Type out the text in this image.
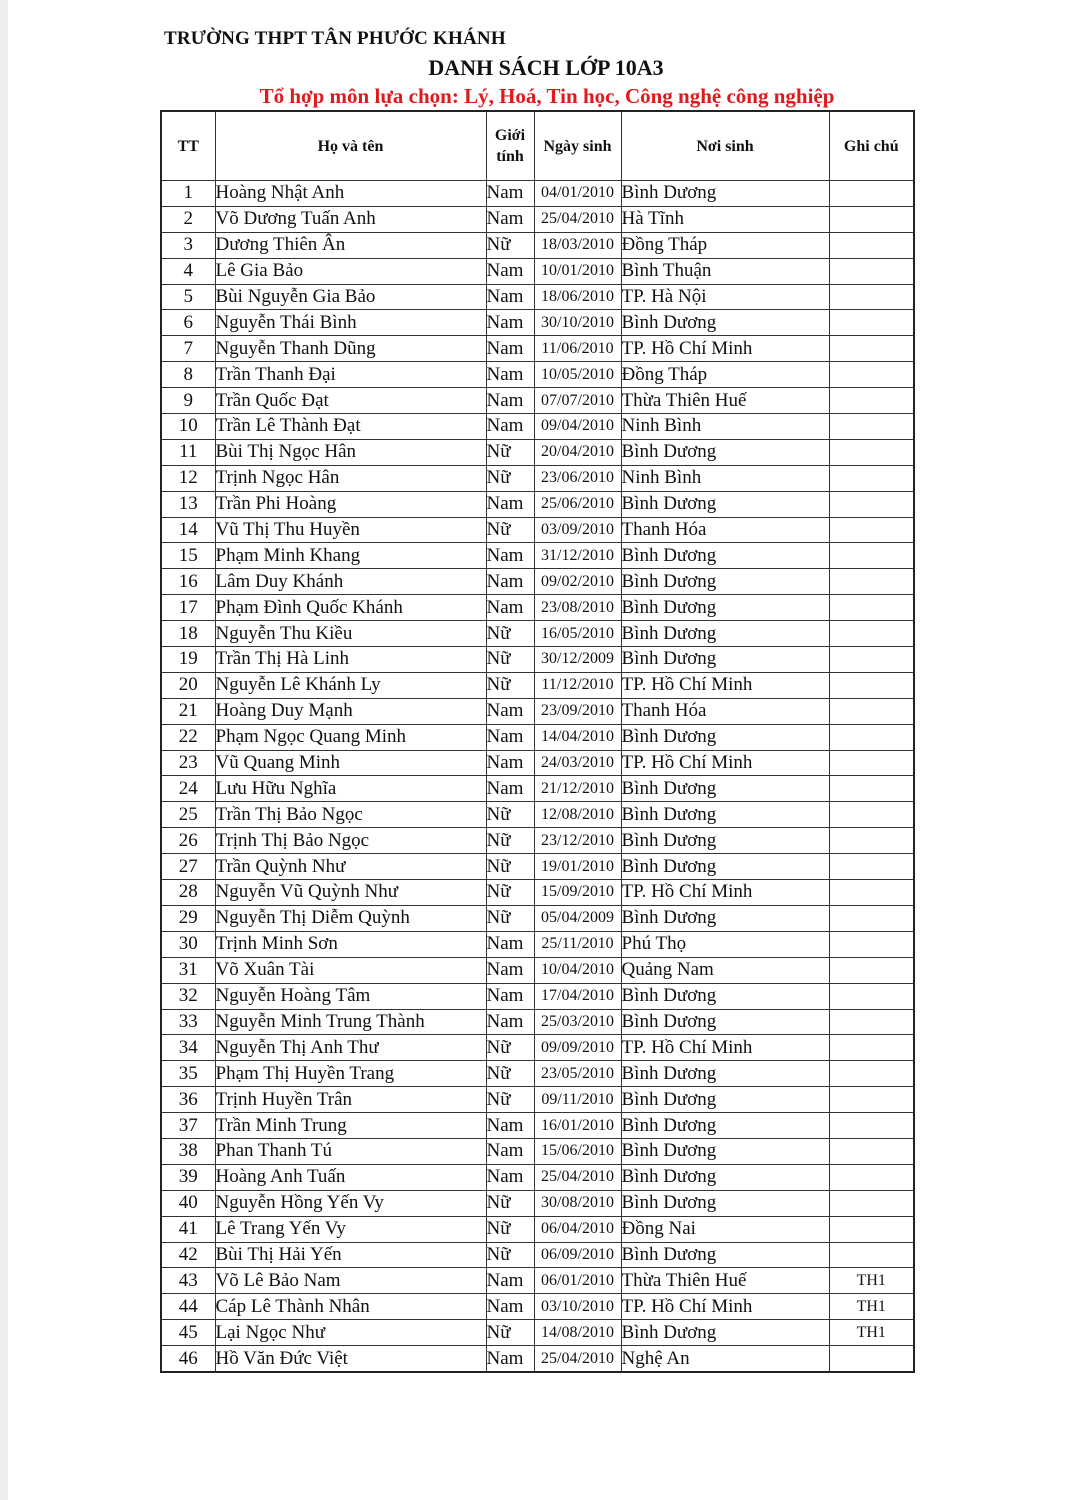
TRƯỜNG THPT TÂN PHƯỚC KHÁNH
DANH SÁCH LỚP 10A3
Tổ hợp môn lựa chọn: Lý, Hoá, Tin học, Công nghệ công nghiệp
TT	Họ và tên	Giới tính	Ngày sinh	Nơi sinh	Ghi chú
1	Hoàng Nhật Anh	Nam	04/01/2010	Bình Dương	
2	Võ Dương Tuấn Anh	Nam	25/04/2010	Hà Tĩnh	
3	Dương Thiên Ân	Nữ	18/03/2010	Đồng Tháp	
4	Lê Gia Bảo	Nam	10/01/2010	Bình Thuận	
5	Bùi Nguyễn Gia Bảo	Nam	18/06/2010	TP. Hà Nội	
6	Nguyễn Thái Bình	Nam	30/10/2010	Bình Dương	
7	Nguyễn Thanh Dũng	Nam	11/06/2010	TP. Hồ Chí Minh	
8	Trần Thanh Đại	Nam	10/05/2010	Đồng Tháp	
9	Trần Quốc Đạt	Nam	07/07/2010	Thừa Thiên Huế	
10	Trần Lê Thành Đạt	Nam	09/04/2010	Ninh Bình	
11	Bùi Thị Ngọc Hân	Nữ	20/04/2010	Bình Dương	
12	Trịnh Ngọc Hân	Nữ	23/06/2010	Ninh Bình	
13	Trần Phi Hoàng	Nam	25/06/2010	Bình Dương	
14	Vũ Thị Thu Huyền	Nữ	03/09/2010	Thanh Hóa	
15	Phạm Minh Khang	Nam	31/12/2010	Bình Dương	
16	Lâm Duy Khánh	Nam	09/02/2010	Bình Dương	
17	Phạm Đình Quốc Khánh	Nam	23/08/2010	Bình Dương	
18	Nguyễn Thu Kiều	Nữ	16/05/2010	Bình Dương	
19	Trần Thị Hà Linh	Nữ	30/12/2009	Bình Dương	
20	Nguyễn Lê Khánh Ly	Nữ	11/12/2010	TP. Hồ Chí Minh	
21	Hoàng Duy Mạnh	Nam	23/09/2010	Thanh Hóa	
22	Phạm Ngọc Quang Minh	Nam	14/04/2010	Bình Dương	
23	Vũ Quang Minh	Nam	24/03/2010	TP. Hồ Chí Minh	
24	Lưu Hữu Nghĩa	Nam	21/12/2010	Bình Dương	
25	Trần Thị Bảo Ngọc	Nữ	12/08/2010	Bình Dương	
26	Trịnh Thị Bảo Ngọc	Nữ	23/12/2010	Bình Dương	
27	Trần Quỳnh Như	Nữ	19/01/2010	Bình Dương	
28	Nguyễn Vũ Quỳnh Như	Nữ	15/09/2010	TP. Hồ Chí Minh	
29	Nguyễn Thị Diễm Quỳnh	Nữ	05/04/2009	Bình Dương	
30	Trịnh Minh Sơn	Nam	25/11/2010	Phú Thọ	
31	Võ Xuân Tài	Nam	10/04/2010	Quảng Nam	
32	Nguyễn Hoàng Tâm	Nam	17/04/2010	Bình Dương	
33	Nguyễn Minh Trung Thành	Nam	25/03/2010	Bình Dương	
34	Nguyễn Thị Anh Thư	Nữ	09/09/2010	TP. Hồ Chí Minh	
35	Phạm Thị Huyền Trang	Nữ	23/05/2010	Bình Dương	
36	Trịnh Huyền Trân	Nữ	09/11/2010	Bình Dương	
37	Trần Minh Trung	Nam	16/01/2010	Bình Dương	
38	Phan Thanh Tú	Nam	15/06/2010	Bình Dương	
39	Hoàng Anh Tuấn	Nam	25/04/2010	Bình Dương	
40	Nguyễn Hồng Yến Vy	Nữ	30/08/2010	Bình Dương	
41	Lê Trang Yến Vy	Nữ	06/04/2010	Đồng Nai	
42	Bùi Thị Hải Yến	Nữ	06/09/2010	Bình Dương	
43	Võ Lê Bảo Nam	Nam	06/01/2010	Thừa Thiên Huế	TH1
44	Cáp Lê Thành Nhân	Nam	03/10/2010	TP. Hồ Chí Minh	TH1
45	Lại Ngọc Như	Nữ	14/08/2010	Bình Dương	TH1
46	Hồ Văn Đức Việt	Nam	25/04/2010	Nghệ An	
